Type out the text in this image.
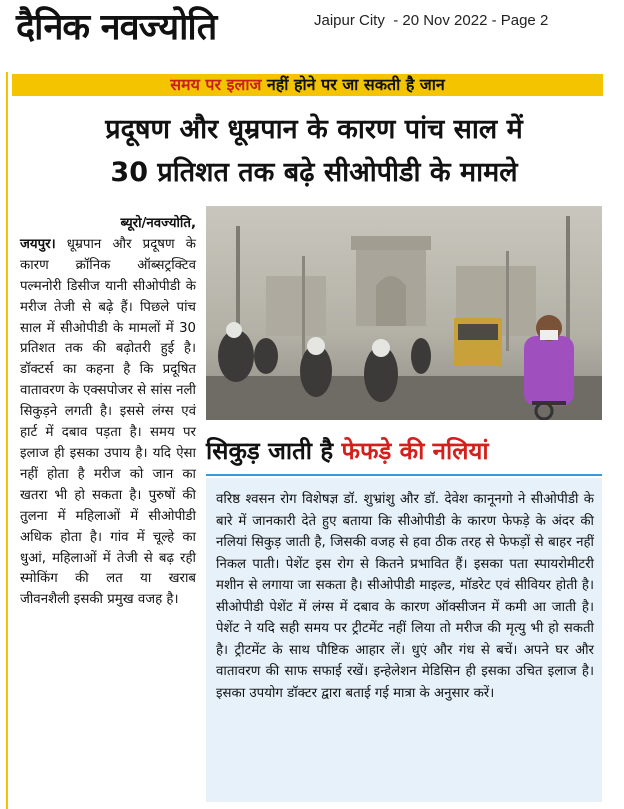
दैनिक नवज्योति	Jaipur City  - 20 Nov 2022 - Page 2
समय पर इलाज नहीं होने पर जा सकती है जान
प्रदूषण और धूम्रपान के कारण पांच साल में
30 प्रतिशत तक बढ़े सीओपीडी के मामले
ब्यूरो/नवज्योति,
जयपुर। धूम्रपान और प्रदूषण के कारण क्रॉनिक ऑब्सट्रक्टिव पल्मनोरी डिसीज यानी सीओपीडी के मरीज तेजी से बढ़े हैं। पिछले पांच साल में सीओपीडी के मामलों में 30 प्रतिशत तक की बढ़ोतरी हुई है। डॉक्टर्स का कहना है कि प्रदूषित वातावरण के एक्सपोजर से सांस नली सिकुड़ने लगती है। इससे लंग्स एवं हार्ट में दबाव पड़ता है। समय पर इलाज ही इसका उपाय है। यदि ऐसा नहीं होता है मरीज को जान का खतरा भी हो सकता है। पुरुषों की तुलना में महिलाओं में सीओपीडी अधिक होता है। गांव में चूल्हे का धुआं, महिलाओं में तेजी से बढ़ रही स्मोकिंग की लत या खराब जीवनशैली इसकी प्रमुख वजह है।
सिकुड़ जाती है फेफड़े की नलियां
वरिष्ठ श्वसन रोग विशेषज्ञ डॉ. शुभ्रांशु और डॉ. देवेश कानूनगो ने सीओपीडी के बारे में जानकारी देते हुए बताया कि सीओपीडी के कारण फेफड़े के अंदर की नलियां सिकुड़ जाती है, जिसकी वजह से हवा ठीक तरह से फेफड़ों से बाहर नहीं निकल पाती। पेशेंट इस रोग से कितने प्रभावित हैं। इसका पता स्पायरोमीटरी मशीन से लगाया जा सकता है। सीओपीडी माइल्ड, मॉडरेट एवं सीवियर होती है। सीओपीडी पेशेंट में लंग्स में दबाव के कारण ऑक्सीजन में कमी आ जाती है। पेशेंट ने यदि सही समय पर ट्रीटमेंट नहीं लिया तो मरीज की मृत्यु भी हो सकती है। ट्रीटमेंट के साथ पौष्टिक आहार लें। धुएं और गंध से बचें। अपने घर और वातावरण की साफ सफाई रखें। इन्हेलेशन मेडिसिन ही इसका उचित इलाज है। इसका उपयोग डॉक्टर द्वारा बताई गई मात्रा के अनुसार करें।
